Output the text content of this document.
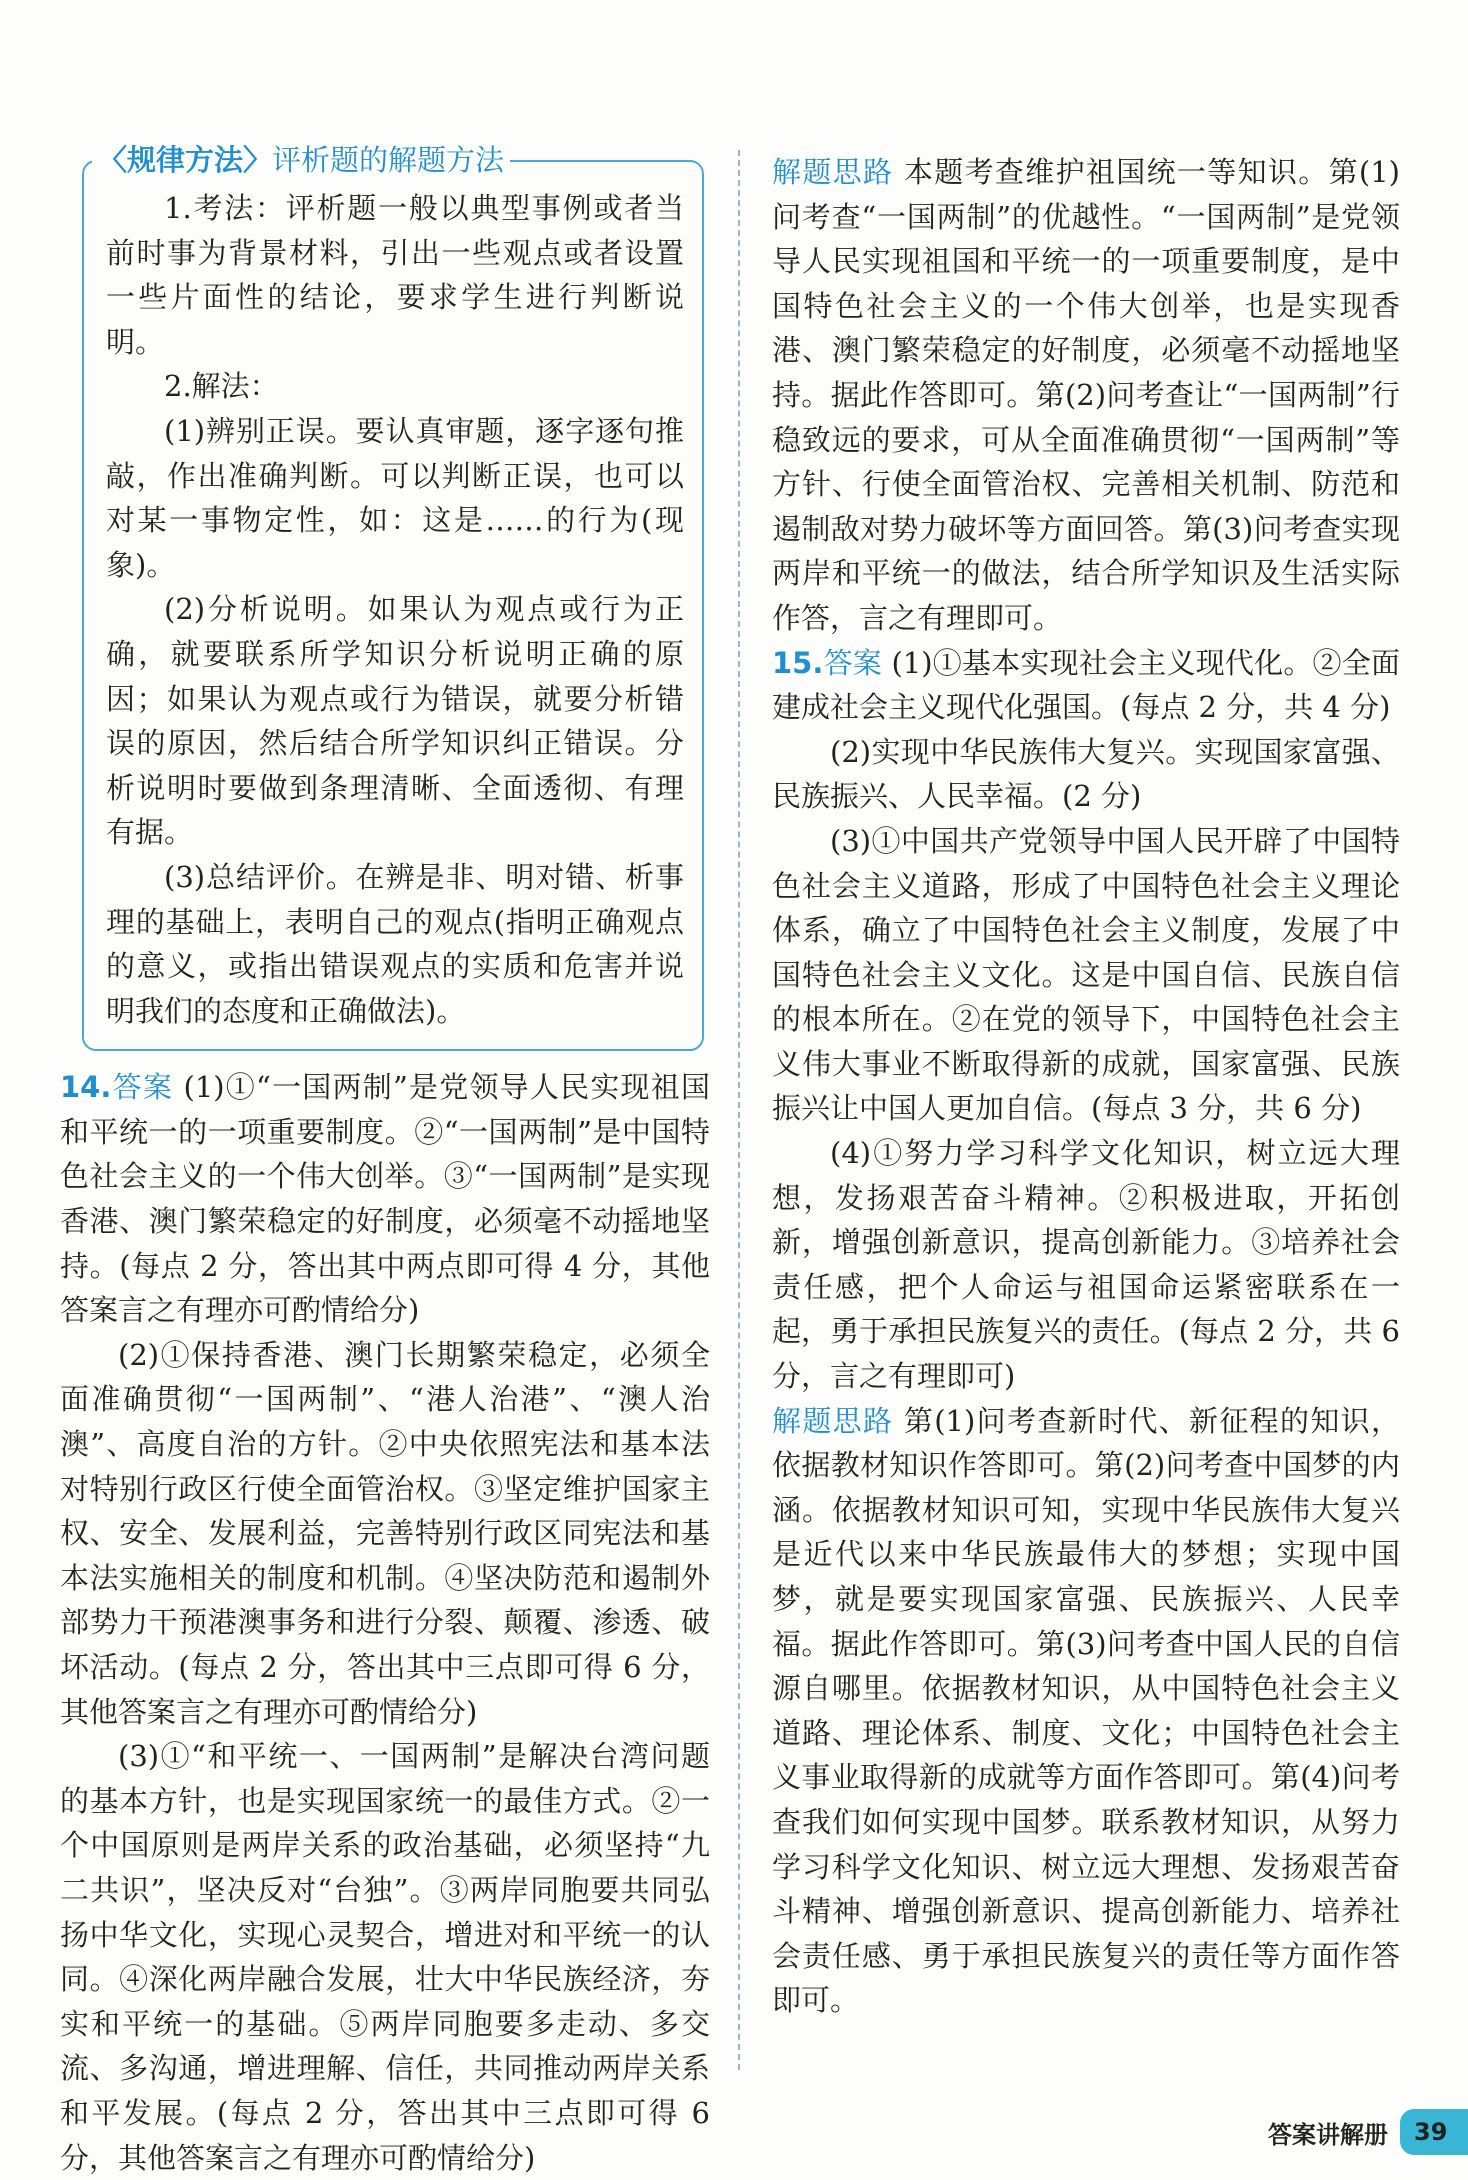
〈规律方法〉评析题的解题方法

1.考法：评析题一般以典型事例或者当前时事为背景材料，引出一些观点或者设置一些片面性的结论，要求学生进行判断说明。

2.解法：

(1)辨别正误。要认真审题，逐字逐句推敲，作出准确判断。可以判断正误，也可以对某一事物定性，如：这是……的行为(现象)。

(2)分析说明。如果认为观点或行为正确，就要联系所学知识分析说明正确的原因；如果认为观点或行为错误，就要分析错误的原因，然后结合所学知识纠正错误。分析说明时要做到条理清晰、全面透彻、有理有据。

(3)总结评价。在辨是非、明对错、析事理的基础上，表明自己的观点(指明正确观点的意义，或指出错误观点的实质和危害并说明我们的态度和正确做法)。

14.答案 (1)①“一国两制”是党领导人民实现祖国和平统一的一项重要制度。②“一国两制”是中国特色社会主义的一个伟大创举。③“一国两制”是实现香港、澳门繁荣稳定的好制度，必须毫不动摇地坚持。(每点 2 分，答出其中两点即可得 4 分，其他答案言之有理亦可酌情给分)

(2)①保持香港、澳门长期繁荣稳定，必须全面准确贯彻“一国两制”、“港人治港”、“澳人治澳”、高度自治的方针。②中央依照宪法和基本法对特别行政区行使全面管治权。③坚定维护国家主权、安全、发展利益，完善特别行政区同宪法和基本法实施相关的制度和机制。④坚决防范和遏制外部势力干预港澳事务和进行分裂、颠覆、渗透、破坏活动。(每点 2 分，答出其中三点即可得 6 分，其他答案言之有理亦可酌情给分)

(3)①“和平统一、一国两制”是解决台湾问题的基本方针，也是实现国家统一的最佳方式。②一个中国原则是两岸关系的政治基础，必须坚持“九二共识”，坚决反对“台独”。③两岸同胞要共同弘扬中华文化，实现心灵契合，增进对和平统一的认同。④深化两岸融合发展，壮大中华民族经济，夯实和平统一的基础。⑤两岸同胞要多走动、多交流、多沟通，增进理解、信任，共同推动两岸关系和平发展。(每点 2 分，答出其中三点即可得 6 分，其他答案言之有理亦可酌情给分)

解题思路 本题考查维护祖国统一等知识。第(1)问考查“一国两制”的优越性。“一国两制”是党领导人民实现祖国和平统一的一项重要制度，是中国特色社会主义的一个伟大创举，也是实现香港、澳门繁荣稳定的好制度，必须毫不动摇地坚持。据此作答即可。第(2)问考查让“一国两制”行稳致远的要求，可从全面准确贯彻“一国两制”等方针、行使全面管治权、完善相关机制、防范和遏制敌对势力破坏等方面回答。第(3)问考查实现两岸和平统一的做法，结合所学知识及生活实际作答，言之有理即可。

15.答案 (1)①基本实现社会主义现代化。②全面建成社会主义现代化强国。(每点 2 分，共 4 分)

(2)实现中华民族伟大复兴。实现国家富强、民族振兴、人民幸福。(2 分)

(3)①中国共产党领导中国人民开辟了中国特色社会主义道路，形成了中国特色社会主义理论体系，确立了中国特色社会主义制度，发展了中国特色社会主义文化。这是中国自信、民族自信的根本所在。②在党的领导下，中国特色社会主义伟大事业不断取得新的成就，国家富强、民族振兴让中国人更加自信。(每点 3 分，共 6 分)

(4)①努力学习科学文化知识，树立远大理想，发扬艰苦奋斗精神。②积极进取，开拓创新，增强创新意识，提高创新能力。③培养社会责任感，把个人命运与祖国命运紧密联系在一起，勇于承担民族复兴的责任。(每点 2 分，共 6 分，言之有理即可)

解题思路 第(1)问考查新时代、新征程的知识，依据教材知识作答即可。第(2)问考查中国梦的内涵。依据教材知识可知，实现中华民族伟大复兴是近代以来中华民族最伟大的梦想；实现中国梦，就是要实现国家富强、民族振兴、人民幸福。据此作答即可。第(3)问考查中国人民的自信源自哪里。依据教材知识，从中国特色社会主义道路、理论体系、制度、文化；中国特色社会主义事业取得新的成就等方面作答即可。第(4)问考查我们如何实现中国梦。联系教材知识，从努力学习科学文化知识、树立远大理想、发扬艰苦奋斗精神、增强创新意识、提高创新能力、培养社会责任感、勇于承担民族复兴的责任等方面作答即可。

答案讲解册	39
